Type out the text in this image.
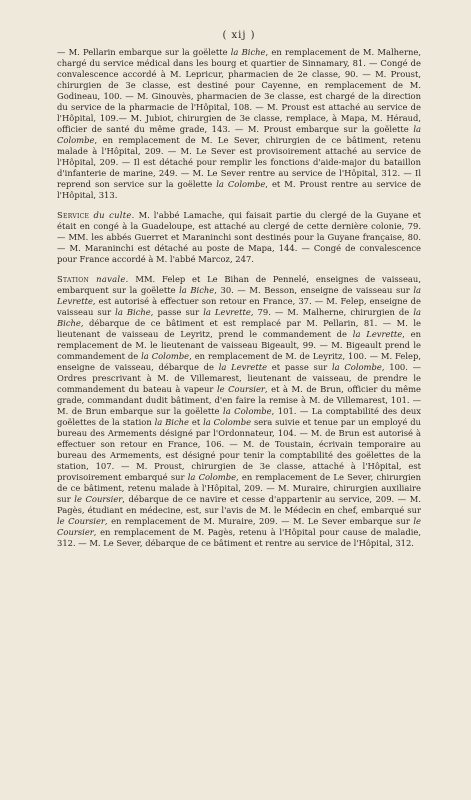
( xij )

— M. Pellarin embarque sur la goëlette la Biche, en remplacement de M. Malherne, chargé du service médical dans les bourg et quartier de Sinnamary, 81. — Congé de convalescence accordé à M. Lepricur, pharmacien de 2e classe, 90. — M. Proust, chirurgien de 3e classe, est destiné pour Cayenne, en remplacement de M. Godineau, 100. — M. Ginouvès, pharmacien de 3e classe, est chargé de la direction du service de la pharmacie de l'Hôpital, 108. — M. Proust est attaché au service de l'Hôpital, 109.— M. Jubiot, chirurgien de 3e classe, remplace, à Mapa, M. Héraud, officier de santé du même grade, 143. — M. Proust embarque sur la goëlette la Colombe, en remplacement de M. Le Sever, chirurgien de ce bâtiment, retenu malade à l'Hôpital, 209. — M. Le Sever est provisoirement attaché au service de l'Hôpital, 209. — Il est détaché pour remplir les fonctions d'aide-major du bataillon d'infanterie de marine, 249. — M. Le Sever rentre au service de l'Hôpital, 312. — Il reprend son service sur la goëlette la Colombe, et M. Proust rentre au service de l'Hôpital, 313.

Service du culte. M. l'abbé Lamache, qui faisait partie du clergé de la Guyane et était en congé à la Guadeloupe, est attaché au clergé de cette dernière colonie, 79. — MM. les abbés Guerret et Maraninchi sont destinés pour la Guyane française, 80. — M. Maraninchi est détaché au poste de Mapa, 144. — Congé de convalescence pour France accordé à M. l'abbé Marcoz, 247.

Station navale. MM. Felep et Le Bihan de Pennelé, enseignes de vaisseau, embarquent sur la goëlette la Biche, 30. — M. Besson, enseigne de vaisseau sur la Levrette, est autorisé à effectuer son retour en France, 37. — M. Felep, enseigne de vaisseau sur la Biche, passe sur la Levrette, 79. — M. Malherne, chirurgien de la Biche, débarque de ce bâtiment et est remplacé par M. Pellarin, 81. — M. le lieutenant de vaisseau de Leyritz, prend le commandement de la Levrette, en remplacement de M. le lieutenant de vaisseau Bigeault, 99. — M. Bigeault prend le commandement de la Colombe, en remplacement de M. de Leyritz, 100. — M. Felep, enseigne de vaisseau, débarque de la Levrette et passe sur la Colombe, 100. — Ordres prescrivant à M. de Villemarest, lieutenant de vaisseau, de prendre le commandement du bateau à vapeur le Coursier, et à M. de Brun, officier du même grade, commandant dudit bâtiment, d'en faire la remise à M. de Villemarest, 101. — M. de Brun embarque sur la goëlette la Colombe, 101. — La comptabilité des deux goëlettes de la station la Biche et la Colombe sera suivie et tenue par un employé du bureau des Armements désigné par l'Ordonnateur, 104. — M. de Brun est autorisé à effectuer son retour en France, 106. — M. de Toustain, écrivain temporaire au bureau des Armements, est désigné pour tenir la comptabilité des goëlettes de la station, 107. — M. Proust, chirurgien de 3e classe, attaché à l'Hôpital, est provisoirement embarqué sur la Colombe, en remplacement de Le Sever, chirurgien de ce bâtiment, retenu malade à l'Hôpital, 209. — M. Muraire, chirurgien auxiliaire sur le Coursier, débarque de ce navire et cesse d'appartenir au service, 209. — M. Pagès, étudiant en médecine, est, sur l'avis de M. le Médecin en chef, embarqué sur le Coursier, en remplacement de M. Muraire, 209. — M. Le Sever embarque sur le Coursier, en remplacement de M. Pagès, retenu à l'Hôpital pour cause de maladie, 312. — M. Le Sever, débarque de ce bâtiment et rentre au service de l'Hôpital, 312.
